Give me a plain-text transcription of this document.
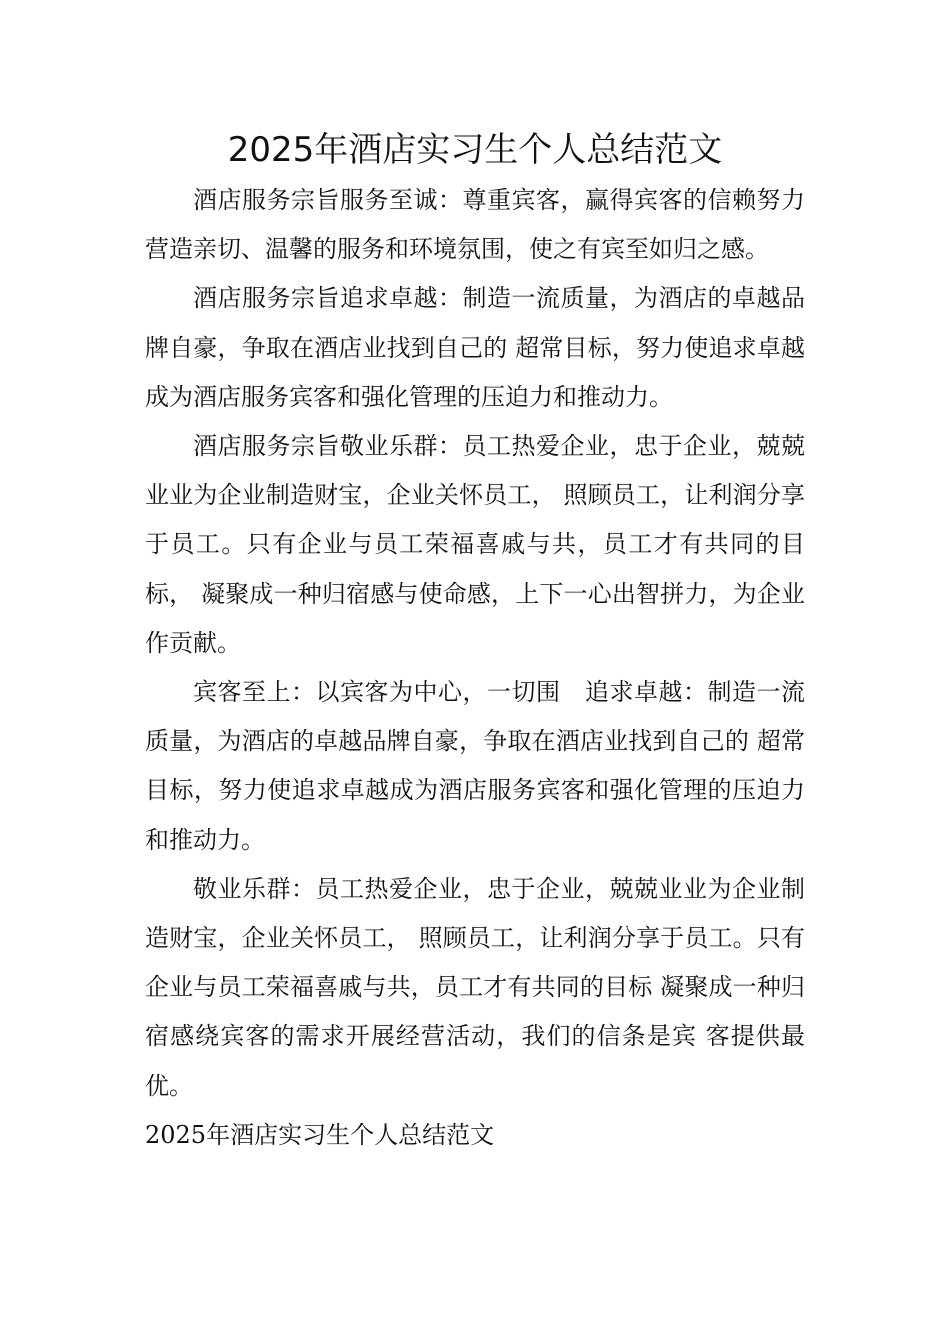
2025年酒店实习生个人总结范文

酒店服务宗旨服务至诚：尊重宾客，赢得宾客的信赖努力营造亲切、温馨的服务和环境氛围，使之有宾至如归之感。

酒店服务宗旨追求卓越：制造一流质量，为酒店的卓越品牌自豪，争取在酒店业找到自己的 超常目标，努力使追求卓越成为酒店服务宾客和强化管理的压迫力和推动力。

酒店服务宗旨敬业乐群：员工热爱企业，忠于企业，兢兢业业为企业制造财宝，企业关怀员工， 照顾员工，让利润分享于员工。只有企业与员工荣福喜戚与共，员工才有共同的目标， 凝聚成一种归宿感与使命感，上下一心出智拼力，为企业作贡献。

宾客至上：以宾客为中心，一切围　追求卓越：制造一流质量，为酒店的卓越品牌自豪，争取在酒店业找到自己的 超常目标，努力使追求卓越成为酒店服务宾客和强化管理的压迫力和推动力。

敬业乐群：员工热爱企业，忠于企业，兢兢业业为企业制造财宝，企业关怀员工， 照顾员工，让利润分享于员工。只有企业与员工荣福喜戚与共，员工才有共同的目标 凝聚成一种归宿感绕宾客的需求开展经营活动，我们的信条是宾 客提供最优。

2025年酒店实习生个人总结范文
